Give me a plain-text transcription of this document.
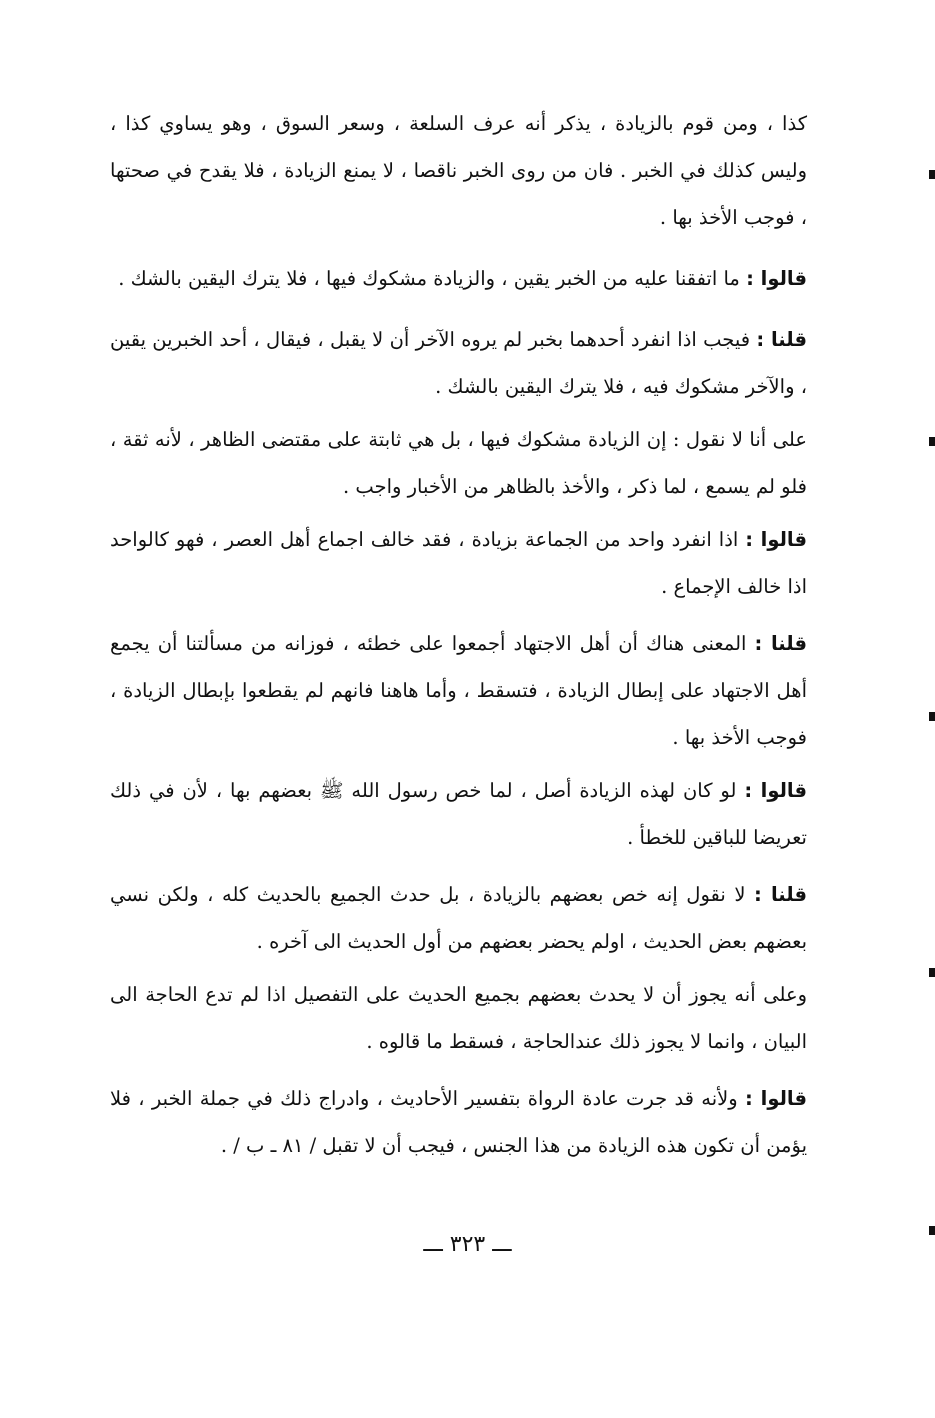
كذا ، ومن قوم بالزيادة ، يذكر أنه عرف السلعة ، وسعر السوق ، وهو يساوي كذا ، وليس كذلك في الخبر . فان من روى الخبر ناقصا ، لا يمنع الزيادة ، فلا يقدح في صحتها ، فوجب الأخذ بها .

قالوا : ما اتفقنا عليه من الخبر يقين ، والزيادة مشكوك فيها ، فلا يترك اليقين بالشك .

قلنا : فيجب اذا انفرد أحدهما بخبر لم يروه الآخر أن لا يقبل ، فيقال ، أحد الخبرين يقين ، والآخر مشكوك فيه ، فلا يترك اليقين بالشك .

على أنا لا نقول : إن الزيادة مشكوك فيها ، بل هي ثابتة على مقتضى الظاهر ، لأنه ثقة ، فلو لم يسمع ، لما ذكر ، والأخذ بالظاهر من الأخبار واجب .

قالوا : اذا انفرد واحد من الجماعة بزيادة ، فقد خالف اجماع أهل العصر ، فهو كالواحد اذا خالف الإجماع .

قلنا : المعنى هناك أن أهل الاجتهاد أجمعوا على خطئه ، فوزانه من مسألتنا أن يجمع أهل الاجتهاد على إبطال الزيادة ، فتسقط ، وأما هاهنا فانهم لم يقطعوا بإبطال الزيادة ، فوجب الأخذ بها .

قالوا : لو كان لهذه الزيادة أصل ، لما خص رسول الله ﷺ بعضهم بها ، لأن في ذلك تعريضا للباقين للخطأ .

قلنا : لا نقول إنه خص بعضهم بالزيادة ، بل حدث الجميع بالحديث كله ، ولكن نسي بعضهم بعض الحديث ، اولم يحضر بعضهم من أول الحديث الى آخره .

وعلى أنه يجوز أن لا يحدث بعضهم بجميع الحديث على التفصيل اذا لم تدع الحاجة الى البيان ، وانما لا يجوز ذلك عندالحاجة ، فسقط ما قالوه .

قالوا : ولأنه قد جرت عادة الرواة بتفسير الأحاديث ، وادراج ذلك في جملة الخبر ، فلا يؤمن أن تكون هذه الزيادة من هذا الجنس ، فيجب أن لا تقبل / ٨١ ـ ب / .

ـــ ٣٢٣ ـــ
